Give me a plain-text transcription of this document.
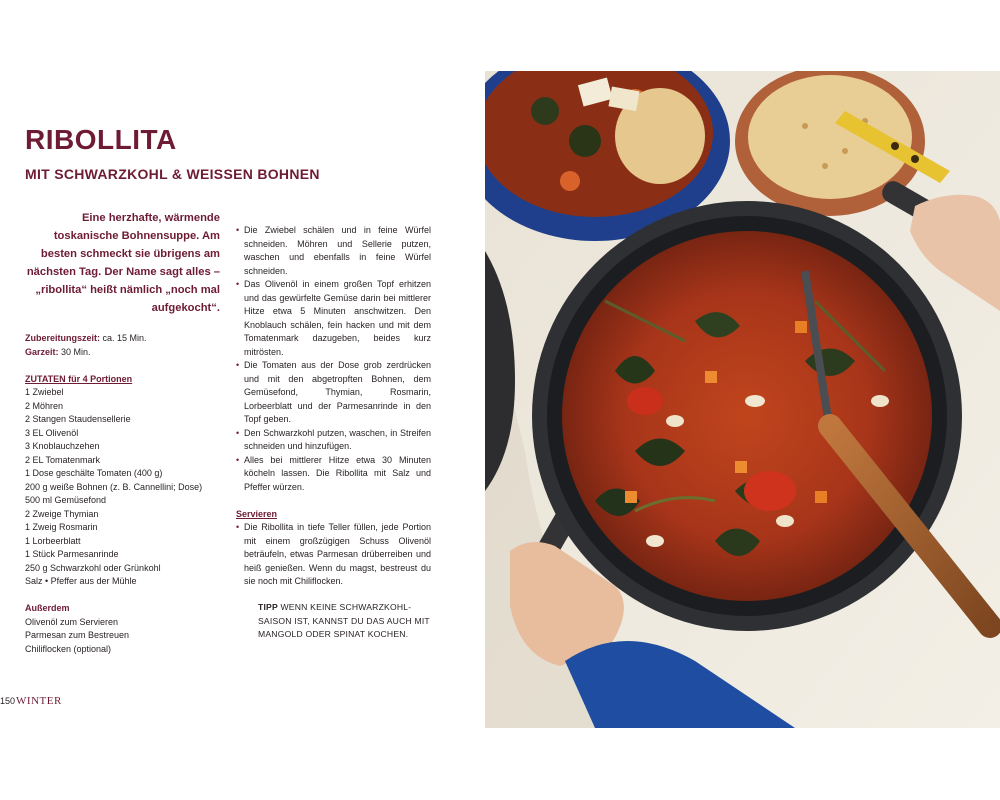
RIBOLLITA
MIT SCHWARZKOHL & WEISSEN BOHNEN

Eine herzhafte, wärmende toskanische Bohnensuppe. Am besten schmeckt sie übrigens am nächsten Tag. Der Name sagt alles – „ribollita“ heißt nämlich „noch mal aufgekocht“.

Zubereitungszeit: ca. 15 Min.
Garzeit: 30 Min.
ZUTATEN für 4 Portionen
1 Zwiebel
2 Möhren
2 Stangen Staudensellerie
3 EL Olivenöl
3 Knoblauchzehen
2 EL Tomatenmark
1 Dose geschälte Tomaten (400 g)
200 g weiße Bohnen (z. B. Cannellini; Dose)
500 ml Gemüsefond
2 Zweige Thymian
1 Zweig Rosmarin
1 Lorbeerblatt
1 Stück Parmesanrinde
250 g Schwarzkohl oder Grünkohl
Salz • Pfeffer aus der Mühle
Außerdem
Olivenöl zum Servieren
Parmesan zum Bestreuen
Chiliflocken (optional)
• Die Zwiebel schälen und in feine Würfel schneiden. Möhren und Sellerie putzen, waschen und ebenfalls in feine Würfel schneiden.
• Das Olivenöl in einem großen Topf erhitzen und das gewürfelte Gemüse darin bei mittlerer Hitze etwa 5 Minuten anschwitzen. Den Knoblauch schälen, fein hacken und mit dem Tomatenmark dazugeben, beides kurz mitrösten.
• Die Tomaten aus der Dose grob zerdrücken und mit den abgetropften Bohnen, dem Gemüsefond, Thymian, Rosmarin, Lorbeerblatt und der Parmesanrinde in den Topf geben.
• Den Schwarzkohl putzen, waschen, in Streifen schneiden und hinzufügen.
• Alles bei mittlerer Hitze etwa 30 Minuten köcheln lassen. Die Ribollita mit Salz und Pfeffer würzen.
Servieren
• Die Ribollita in tiefe Teller füllen, jede Portion mit einem großzügigen Schuss Olivenöl beträufeln, etwas Parmesan drüberreiben und heiß genießen. Wenn du magst, bestreust du sie noch mit Chiliflocken.
TIPP WENN KEINE SCHWARZKOHL-SAISON IST, KANNST DU DAS AUCH MIT MANGOLD ODER SPINAT KOCHEN.
150WINTER
